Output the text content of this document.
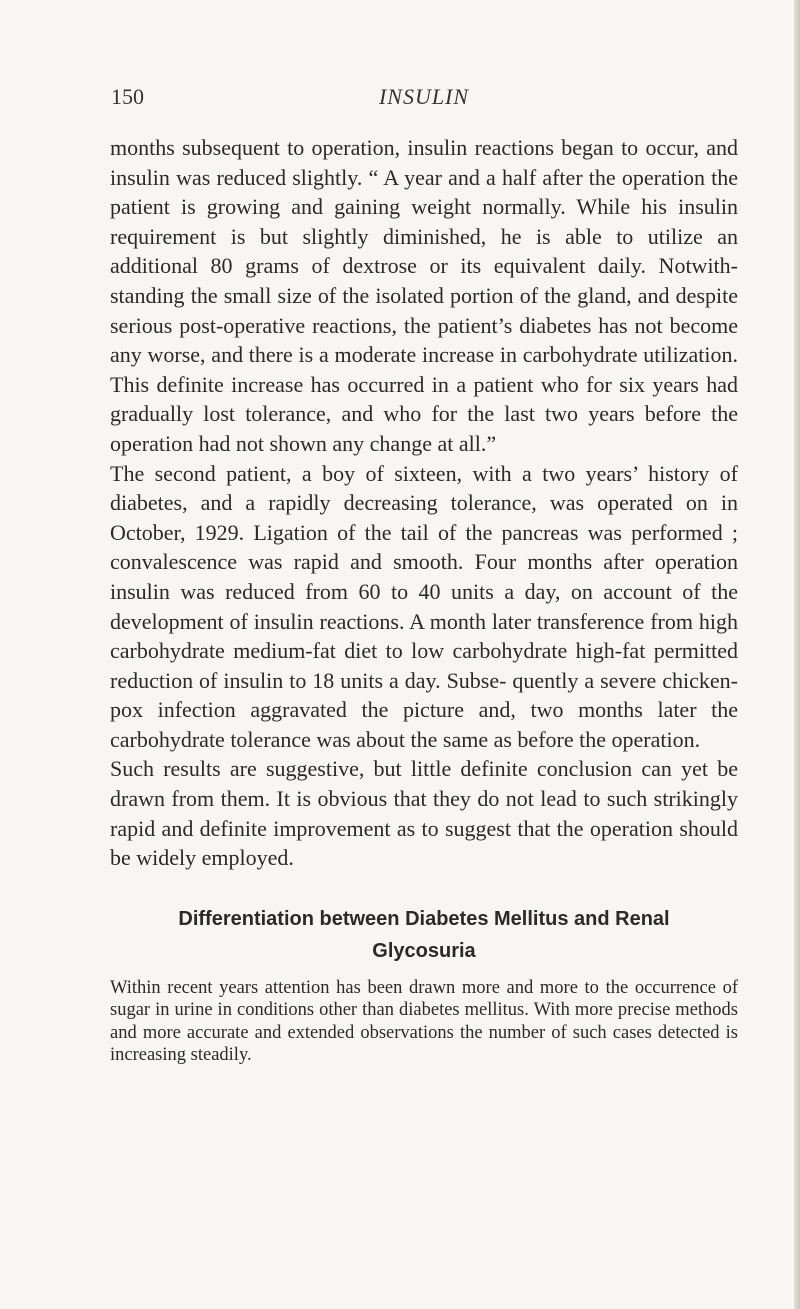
150	INSULIN

months subsequent to operation, insulin reactions began to occur, and insulin was reduced slightly. “ A year and a half after the operation the patient is growing and gaining weight normally. While his insulin requirement is but slightly diminished, he is able to utilize an additional 80 grams of dextrose or its equivalent daily. Notwith- standing the small size of the isolated portion of the gland, and despite serious post-operative reactions, the patient’s diabetes has not become any worse, and there is a moderate increase in carbohydrate utilization. This definite increase has occurred in a patient who for six years had gradually lost tolerance, and who for the last two years before the operation had not shown any change at all.”

The second patient, a boy of sixteen, with a two years’ history of diabetes, and a rapidly decreasing tolerance, was operated on in October, 1929. Ligation of the tail of the pancreas was performed ; convalescence was rapid and smooth. Four months after operation insulin was reduced from 60 to 40 units a day, on account of the development of insulin reactions. A month later transference from high carbohydrate medium-fat diet to low carbohydrate high-fat permitted reduction of insulin to 18 units a day. Subse- quently a severe chicken-pox infection aggravated the picture and, two months later the carbohydrate tolerance was about the same as before the operation.

Such results are suggestive, but little definite conclusion can yet be drawn from them. It is obvious that they do not lead to such strikingly rapid and definite improvement as to suggest that the operation should be widely employed.

Differentiation between Diabetes Mellitus and Renal Glycosuria

Within recent years attention has been drawn more and more to the occurrence of sugar in urine in conditions other than diabetes mellitus. With more precise methods and more accurate and extended observations the number of such cases detected is increasing steadily.
